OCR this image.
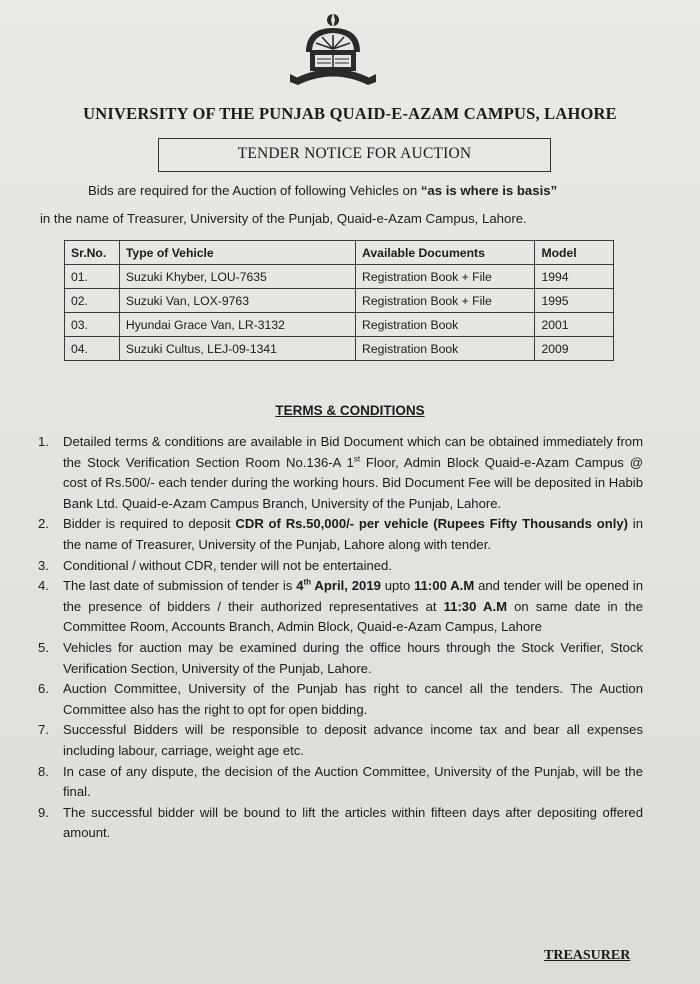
UNIVERSITY OF THE PUNJAB QUAID-E-AZAM CAMPUS, LAHORE
TENDER NOTICE FOR AUCTION
Bids are required for the Auction of following Vehicles on “as is where is basis”
in the name of Treasurer, University of the Punjab, Quaid-e-Azam Campus, Lahore.
Sr.No.	Type of Vehicle	Available Documents	Model
01.	Suzuki Khyber, LOU-7635	Registration Book + File	1994
02.	Suzuki Van, LOX-9763	Registration Book + File	1995
03.	Hyundai Grace Van, LR-3132	Registration Book	2001
04.	Suzuki Cultus, LEJ-09-1341	Registration Book	2009
TERMS & CONDITIONS
1. Detailed terms & conditions are available in Bid Document which can be obtained immediately from the Stock Verification Section Room No.136-A 1st Floor, Admin Block Quaid-e-Azam Campus @ cost of Rs.500/- each tender during the working hours. Bid Document Fee will be deposited in Habib Bank Ltd. Quaid-e-Azam Campus Branch, University of the Punjab, Lahore.
2. Bidder is required to deposit CDR of Rs.50,000/- per vehicle (Rupees Fifty Thousands only) in the name of Treasurer, University of the Punjab, Lahore along with tender.
3. Conditional / without CDR, tender will not be entertained.
4. The last date of submission of tender is 4th April, 2019 upto 11:00 A.M and tender will be opened in the presence of bidders / their authorized representatives at 11:30 A.M on same date in the Committee Room, Accounts Branch, Admin Block, Quaid-e-Azam Campus, Lahore
5. Vehicles for auction may be examined during the office hours through the Stock Verifier, Stock Verification Section, University of the Punjab, Lahore.
6. Auction Committee, University of the Punjab has right to cancel all the tenders. The Auction Committee also has the right to opt for open bidding.
7. Successful Bidders will be responsible to deposit advance income tax and bear all expenses including labour, carriage, weight age etc.
8. In case of any dispute, the decision of the Auction Committee, University of the Punjab, will be the final.
9. The successful bidder will be bound to lift the articles within fifteen days after depositing offered amount.
TREASURER
